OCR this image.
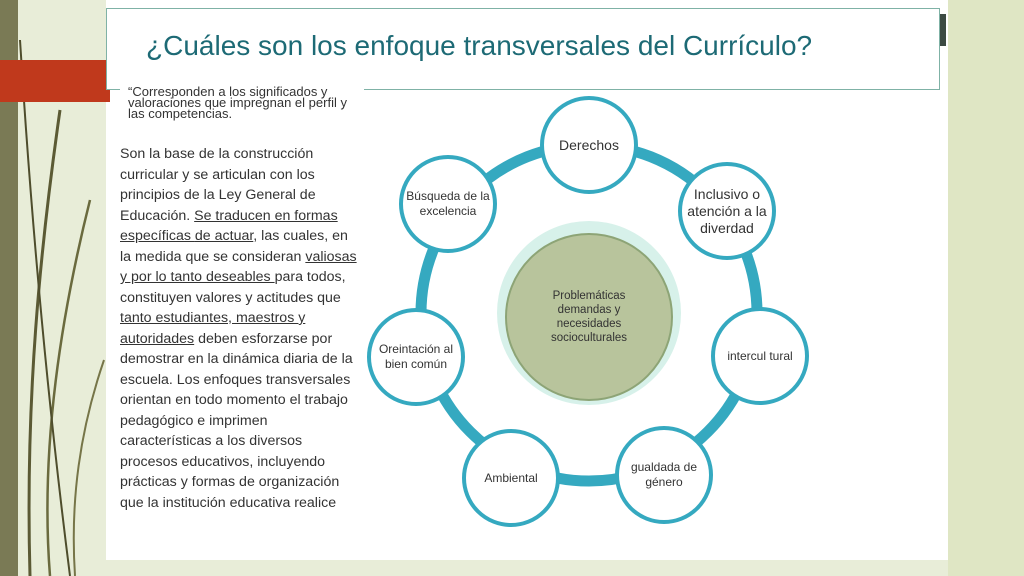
¿Cuáles son los enfoque transversales del Currículo?
“Corresponden a los significados y valoraciones que impregnan el perfil y las competencias.
Son la base de la construcción curricular y se articulan con los principios de la Ley General de Educación. Se traducen en formas específicas de actuar, las cuales, en la medida que se consideran valiosas y por lo tanto deseables para todos, constituyen valores y actitudes que tanto estudiantes, maestros y autoridades deben esforzarse por demostrar en la dinámica diaria de la escuela. Los enfoques transversales orientan en todo momento el trabajo pedagógico e imprimen características a los diversos procesos educativos, incluyendo prácticas y formas de organización que la institución educativa realice
Problemáticas demandas y necesidades socioculturales
Derechos
Inclusivo o atención a la diverdad
intercul tural
gualdada de género
Ambiental
Oreintación al bien común
Búsqueda de la excelencia
